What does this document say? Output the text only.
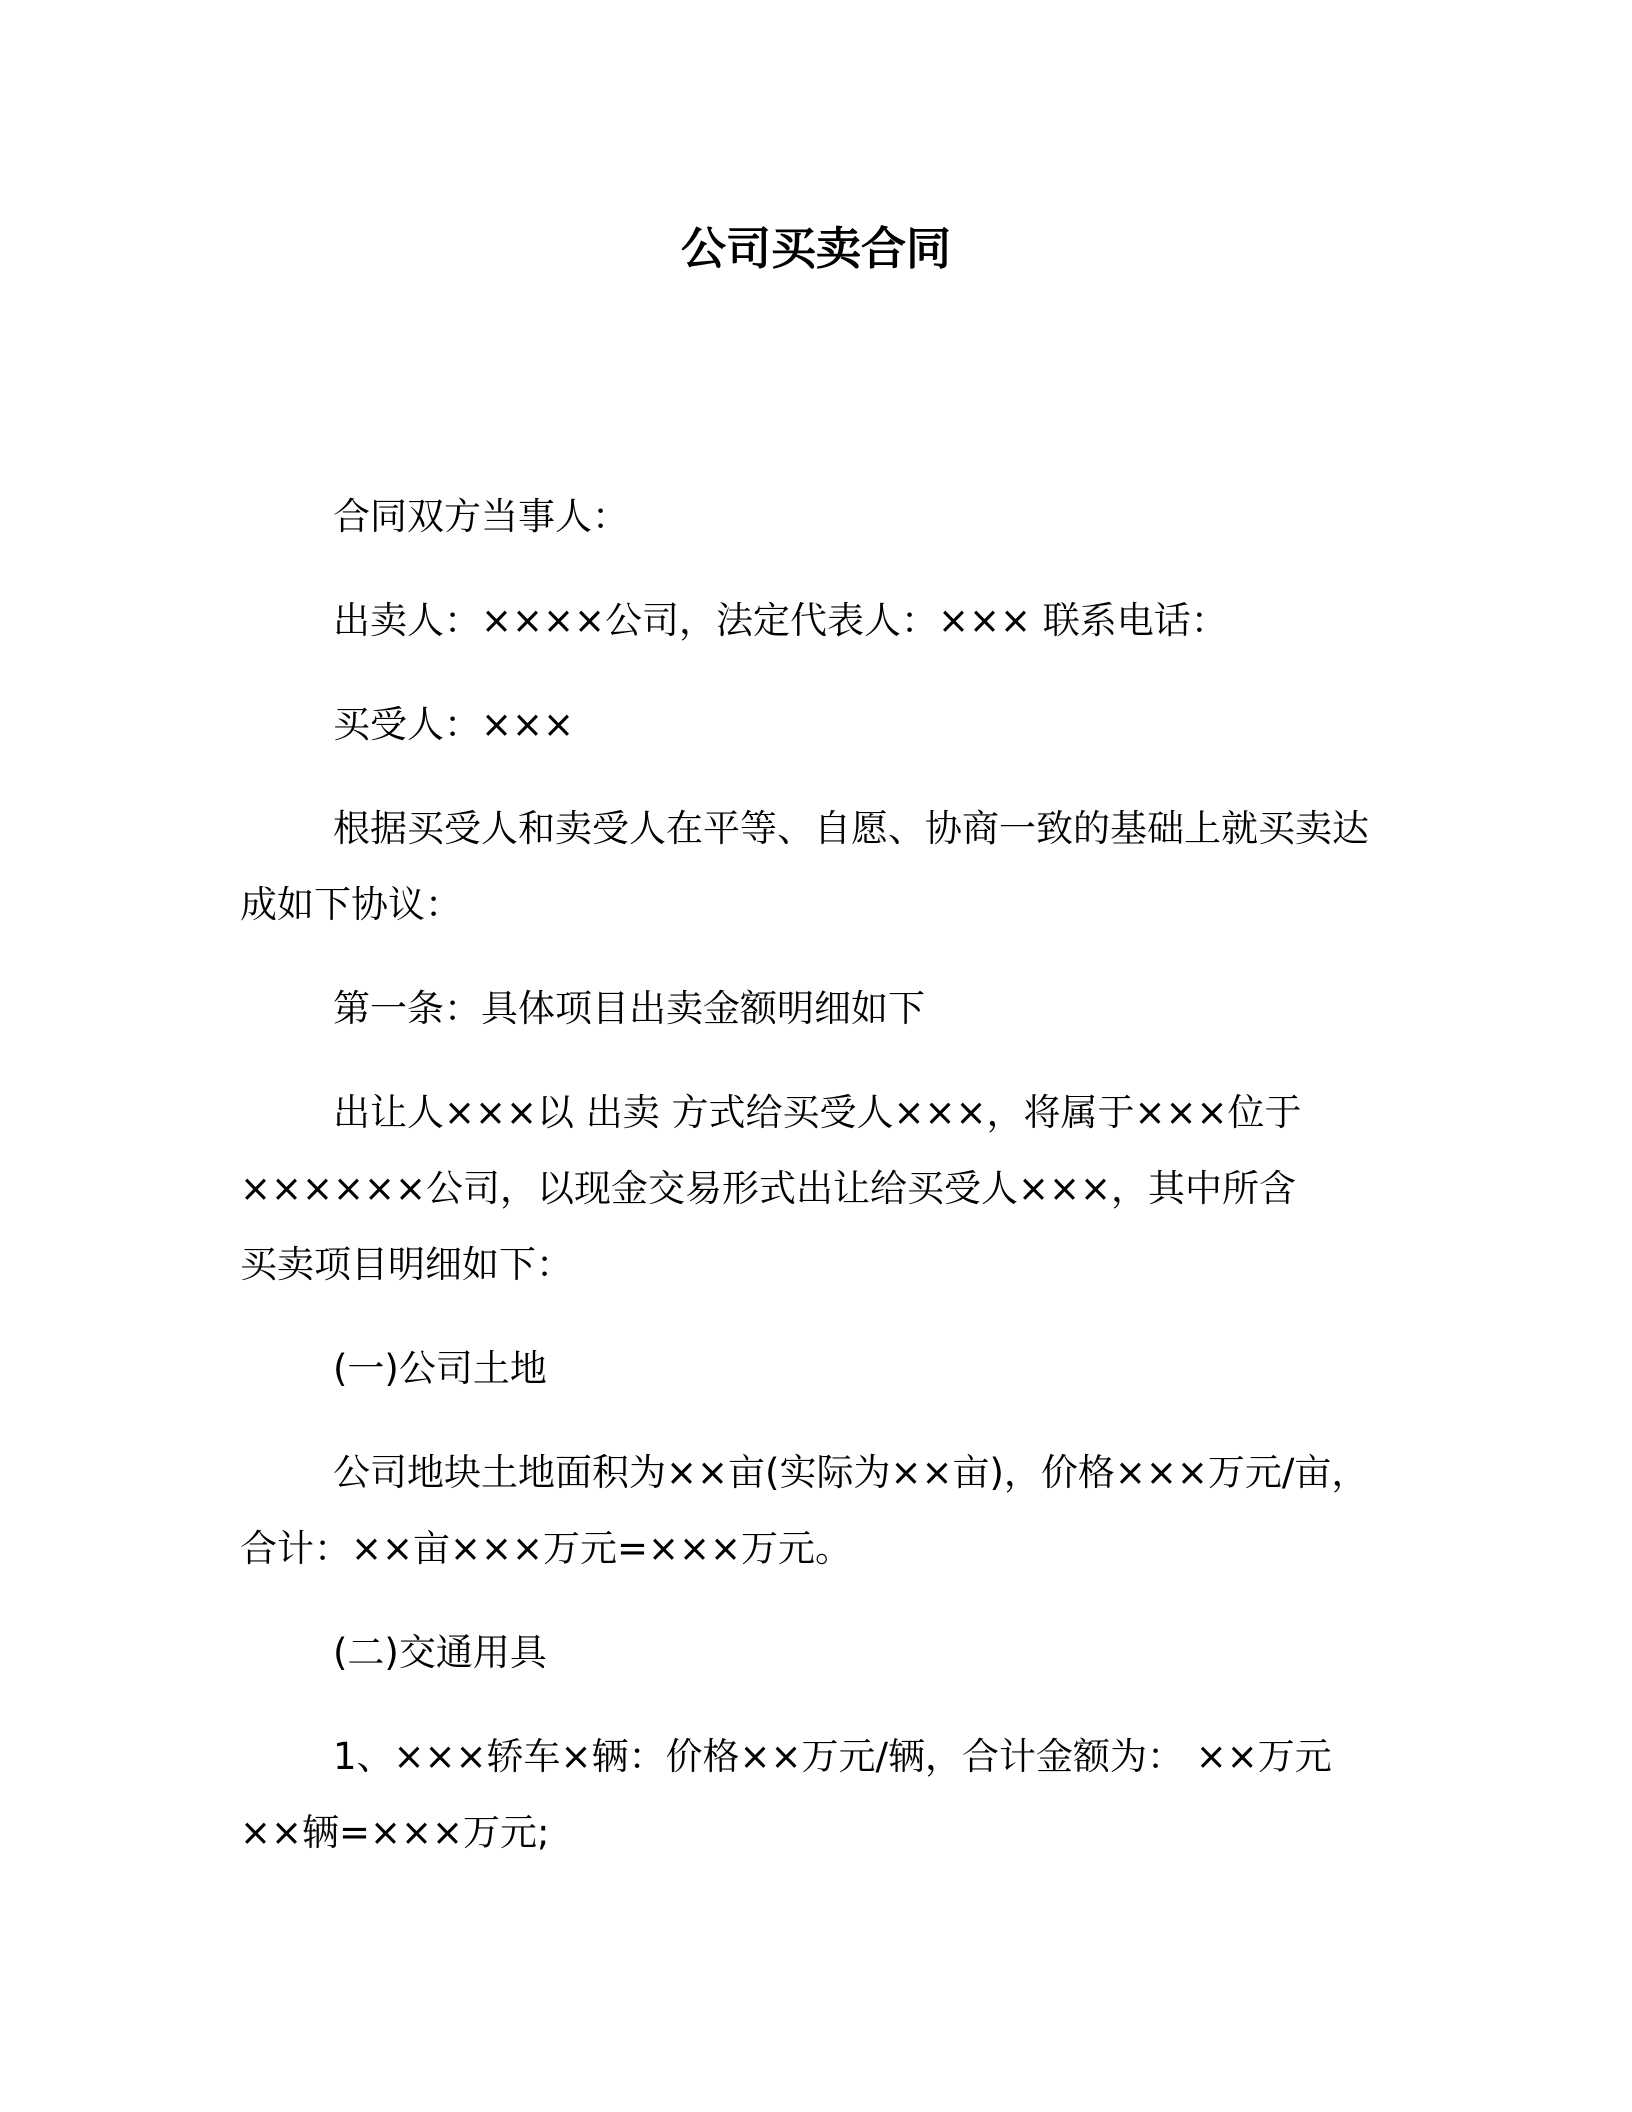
公司买卖合同
合同双方当事人：
出卖人：××××公司，法定代表人：××× 联系电话：
买受人：×××
根据买受人和卖受人在平等、自愿、协商一致的基础上就买卖达
成如下协议：
第一条：具体项目出卖金额明细如下
出让人×××以 出卖 方式给买受人×××，将属于×××位于
××××××公司，以现金交易形式出让给买受人×××，其中所含
买卖项目明细如下：
(一)公司土地
公司地块土地面积为××亩(实际为××亩)，价格×××万元/亩，
合计：××亩×××万元=×××万元。
(二)交通用具
1、×××轿车×辆：价格××万元/辆，合计金额为： ××万元
××辆=×××万元;
